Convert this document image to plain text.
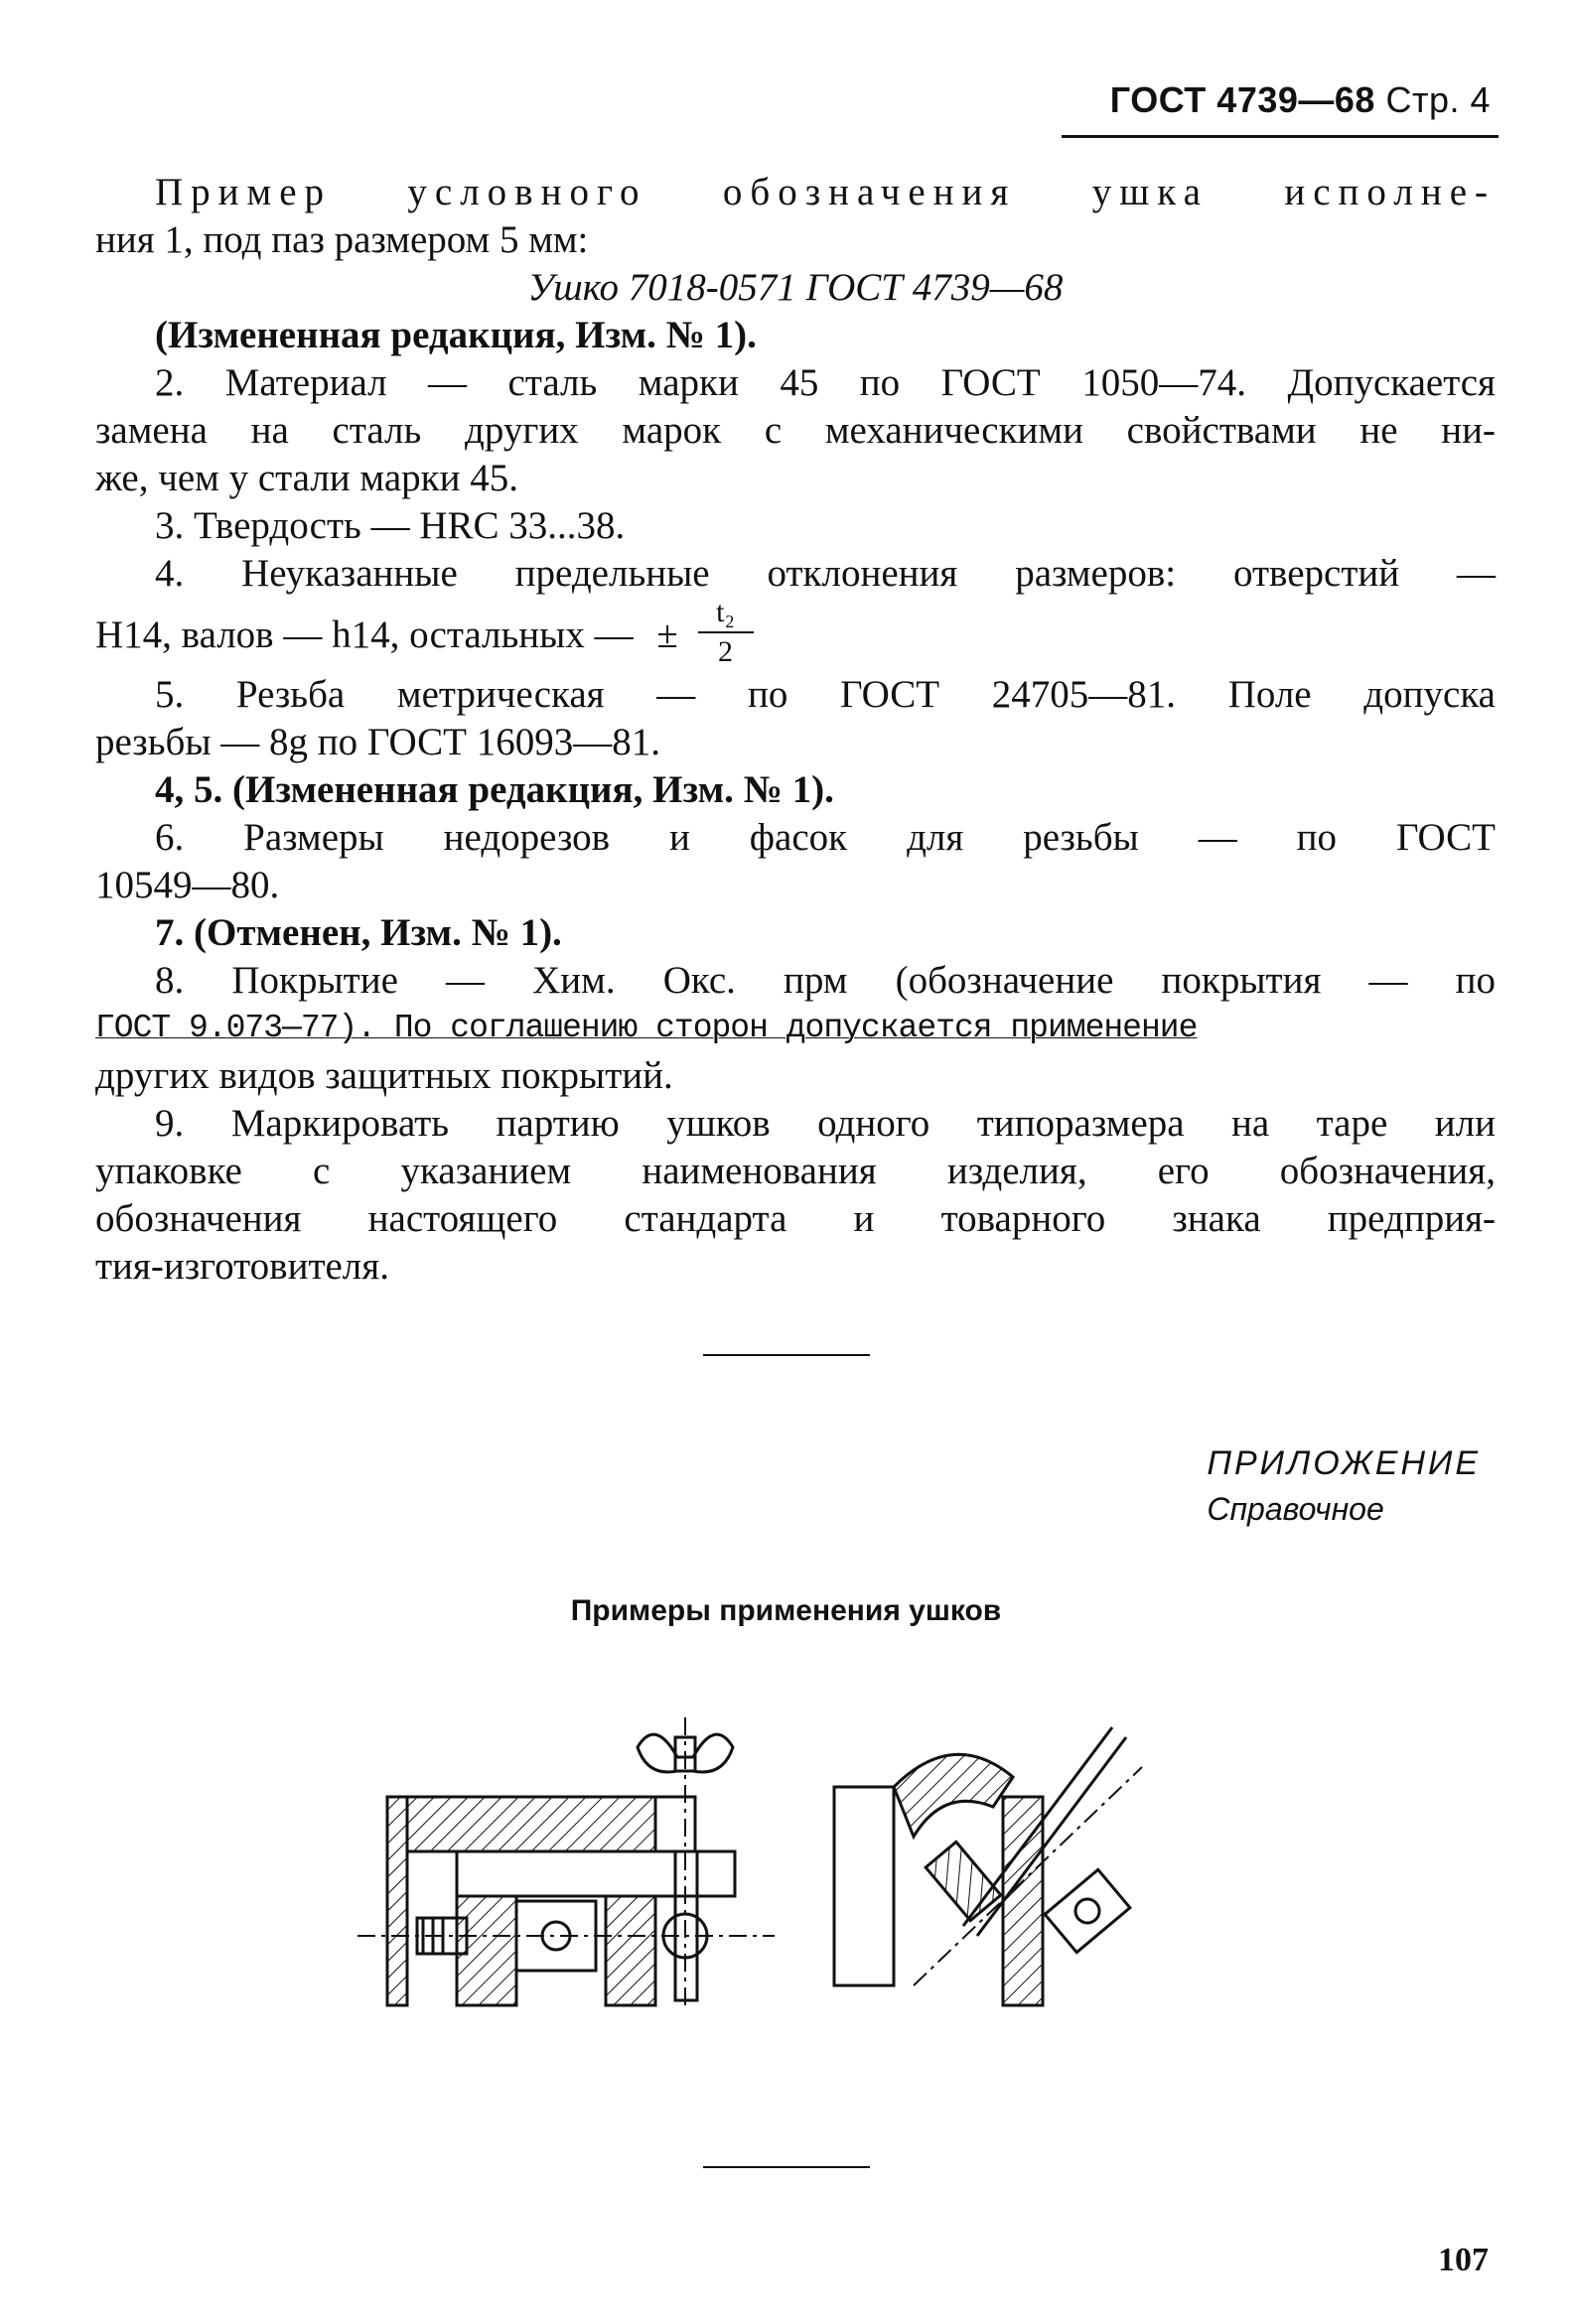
ГОСТ 4739—68 Стр. 4
Пример условного обозначения ушка исполне-
ния 1, под паз размером 5 мм:
Ушко 7018-0571 ГОСТ 4739—68
(Измененная редакция, Изм. № 1).
2. Материал — сталь марки 45 по ГОСТ 1050—74. Допускается
замена на сталь других марок с механическими свойствами не ни-
же, чем у стали марки 45.
3. Твердость — HRC 33...38.
4. Неуказанные предельные отклонения размеров: отверстий —
H14, валов — h14, остальных — ± $\frac{\text{t₂}}{2}$
5. Резьба метрическая — по ГОСТ 24705—81. Поле допуска
резьбы — 8g по ГОСТ 16093—81.
4, 5. (Измененная редакция, Изм. № 1).
6. Размеры недорезов и фасок для резьбы — по ГОСТ
10549—80.
7. (Отменен, Изм. № 1).
8. Покрытие — Хим. Окс. прм (обозначение покрытия — по
ГОСТ 9.073—77). По соглашению сторон допускается применение
других видов защитных покрытий.
9. Маркировать партию ушков одного типоразмера на таре или
упаковке с указанием наименования изделия, его обозначения,
обозначения настоящего стандарта и товарного знака предприя-
тия-изготовителя.
ПРИЛОЖЕНИЕ
Справочное
Примеры применения ушков
107
